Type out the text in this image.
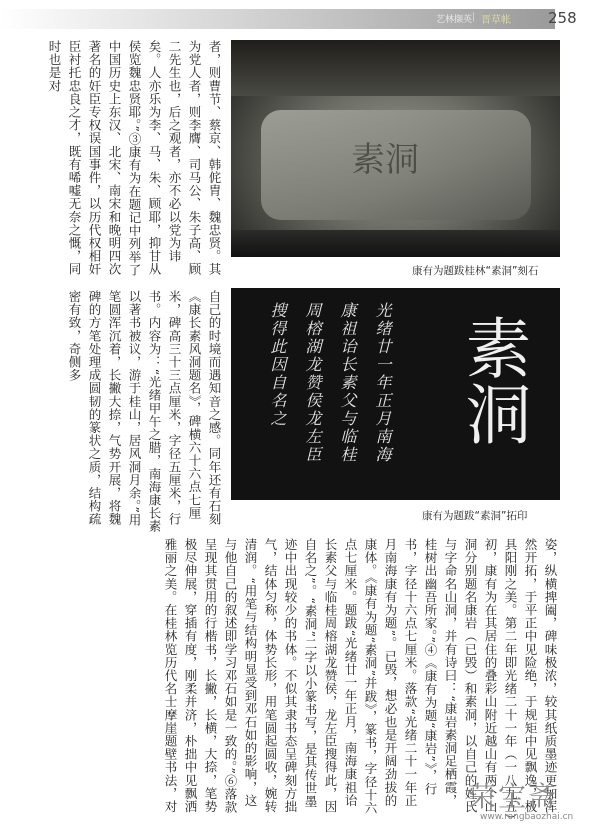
艺林撷英 | 晋草帐 258

者，则曹节、蔡京、韩侂胄、魏忠贤。其为党人者，则李膺、司马公、朱子高、顾二先生也，后之观者，亦不必以党为讳矣。人亦乐为李、马、朱、顾耶，抑甘从侯览魏忠贤耶。”③康有为在题记中列举了中国历史上东汉、北宋、南宋和晚明四次著名的奸臣专权误国事件，以历代权相奸臣衬托忠良之才，既有唏嘘无奈之慨，同时也是对

素洞
康有为题跋桂林“素洞”刻石

自己的时境而遇知音之感。同年还有石刻《康长素风洞题名》，碑横六十六点七厘米，碑高三十三点厘米，字径五厘米，行书。内容为：“光绪甲午之腊，南海康长素以著书被议，游于桂山，居风洞月余。”用笔圆浑沉着，长撇大捺，气势开展，将魏碑的方笔处理成圆韧的篆状之质，结构疏密有致，奇侧多	素洞
光绪廿一年正月南海
康祖诒长素父与临桂
周榕湖龙赞侯龙左臣
搜得此因自名之
康有为题跋“素洞”拓印

姿，纵横捭阖，碑味极浓，较其纸质墨迹更加浑然开拓，于平正中见险绝，于规矩中见飘逸，极具阳刚之美。第二年即光绪二十一年（一八九五）初，康有为在其居住的叠彩山附近越山有两个山洞分别题名康岩（已毁）和素洞，以自己的姓氏与字命名山洞，并有诗曰：“康岩素洞足栖霞，桂树出幽吾所家。”④《康有为题“康岩”》，行书，字径十六点七厘米。落款“光绪二十一年正月南海康有为题”。已毁，想必也是开阔劲拔的康体。《康有为题“素洞”并跋》，篆书，字径十六点七厘米。题跋“光绪廿一年正月，南海康祖诒长素父与临桂周榕湖龙赞侯，龙左臣搜得此，因自名之”。“素洞”二字以小篆书写，是其传世墨迹中出现较少的书体。不似其隶书态呈碑刻方拙气，结体匀称，体势长形，用笔圆起圆收，婉转清润。“用笔与结构明显受到邓石如的影响，这与他自己的叙述即学习邓石如是一致的。”⑥落款呈现其贯用的行楷书，长撇，长横，大捺，笔势极尽伸展，穿插有度，刚柔并济，朴拙中见飘洒雅丽之美。在桂林览历代名士摩崖题壁书法，对	荣宝斋
www.rongbaozhai.cn
